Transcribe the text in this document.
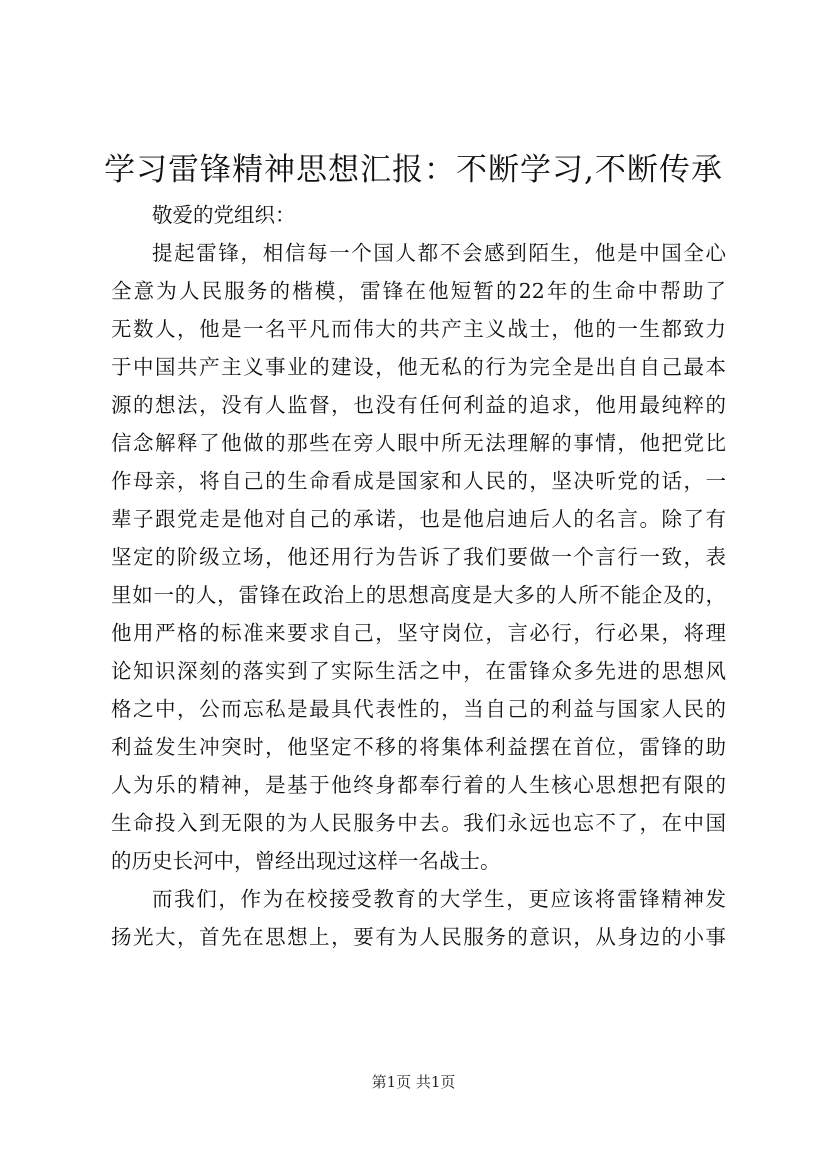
学习雷锋精神思想汇报：不断学习,不断传承
敬爱的党组织：
提起雷锋，相信每一个国人都不会感到陌生，他是中国全心
全意为人民服务的楷模，雷锋在他短暂的22年的生命中帮助了
无数人，他是一名平凡而伟大的共产主义战士，他的一生都致力
于中国共产主义事业的建设，他无私的行为完全是出自自己最本
源的想法，没有人监督，也没有任何利益的追求，他用最纯粹的
信念解释了他做的那些在旁人眼中所无法理解的事情，他把党比
作母亲，将自己的生命看成是国家和人民的，坚决听党的话，一
辈子跟党走是他对自己的承诺，也是他启迪后人的名言。除了有
坚定的阶级立场，他还用行为告诉了我们要做一个言行一致，表
里如一的人，雷锋在政治上的思想高度是大多的人所不能企及的，
他用严格的标准来要求自己，坚守岗位，言必行，行必果，将理
论知识深刻的落实到了实际生活之中，在雷锋众多先进的思想风
格之中，公而忘私是最具代表性的，当自己的利益与国家人民的
利益发生冲突时，他坚定不移的将集体利益摆在首位，雷锋的助
人为乐的精神，是基于他终身都奉行着的人生核心思想把有限的
生命投入到无限的为人民服务中去。我们永远也忘不了，在中国
的历史长河中，曾经出现过这样一名战士。
而我们，作为在校接受教育的大学生，更应该将雷锋精神发
扬光大，首先在思想上，要有为人民服务的意识，从身边的小事
第1页 共1页
